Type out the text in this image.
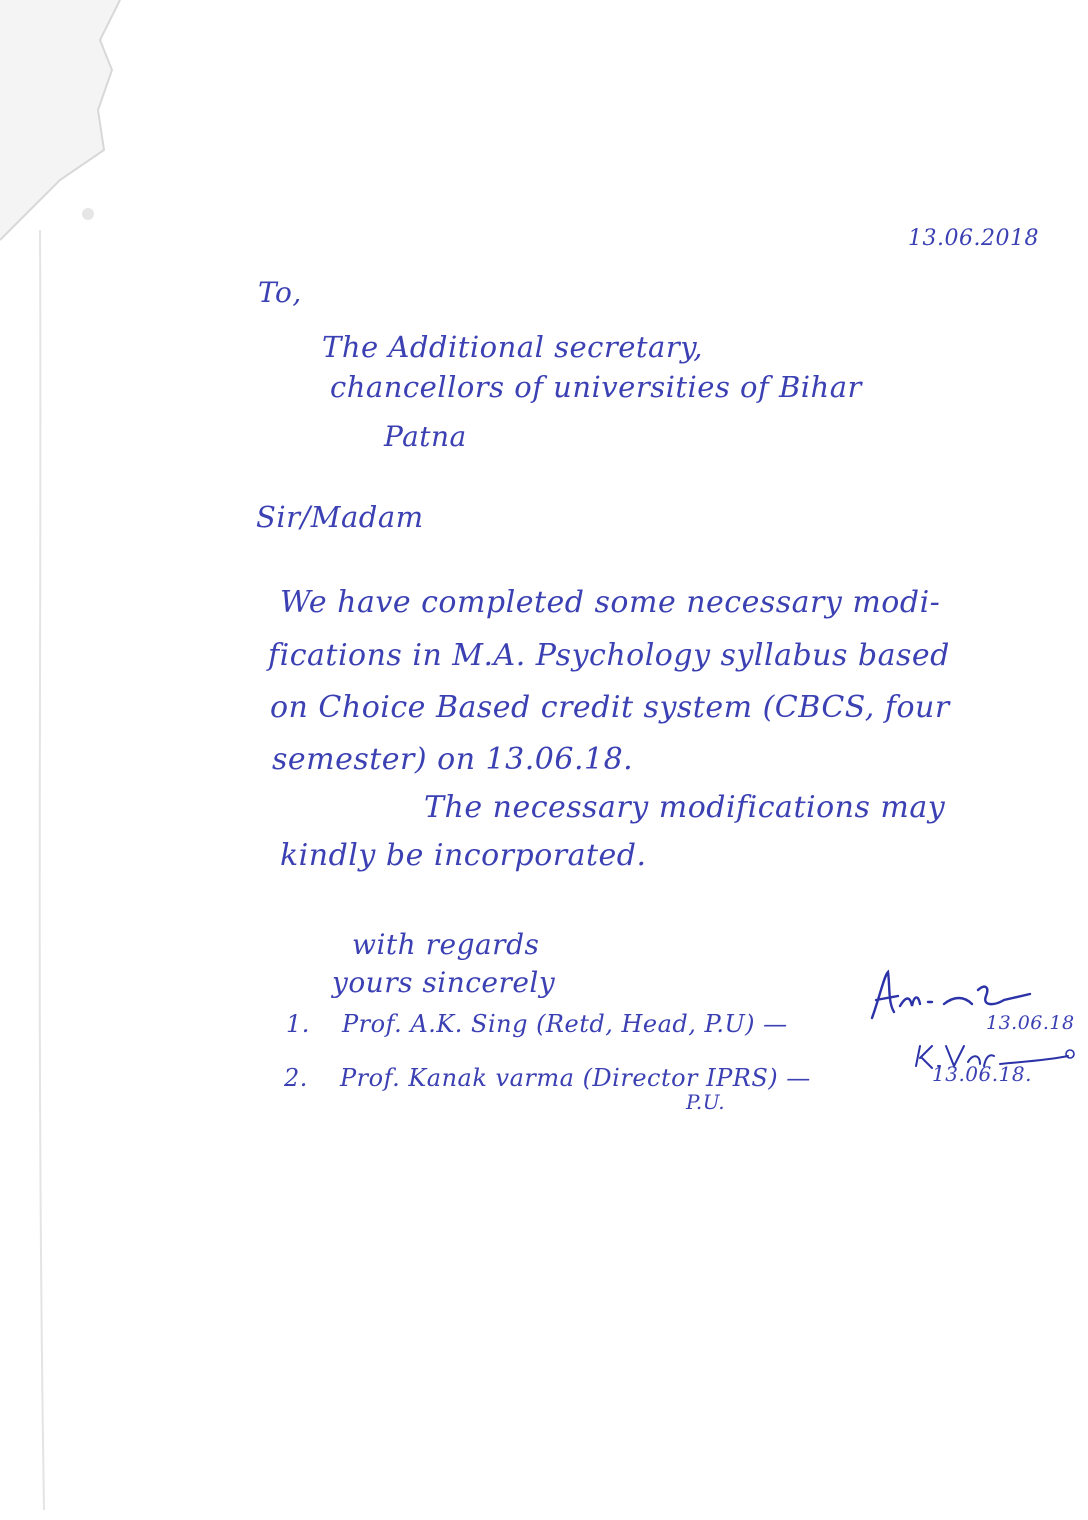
13.06.2018
To,
The Additional secretary,
chancellors of universities of Bihar
Patna
Sir/Madam
We have completed some necessary modi-
fications in M.A. Psychology syllabus based
on Choice Based credit system (CBCS, four
semester) on 13.06.18.
The necessary modifications may
kindly be incorporated.
with regards
yours sincerely
1. Prof. A.K. Sing (Retd, Head, P.U) —	13.06.18
2. Prof. Kanak varma (Director IPRS) —
P.U.
13.06.18.
